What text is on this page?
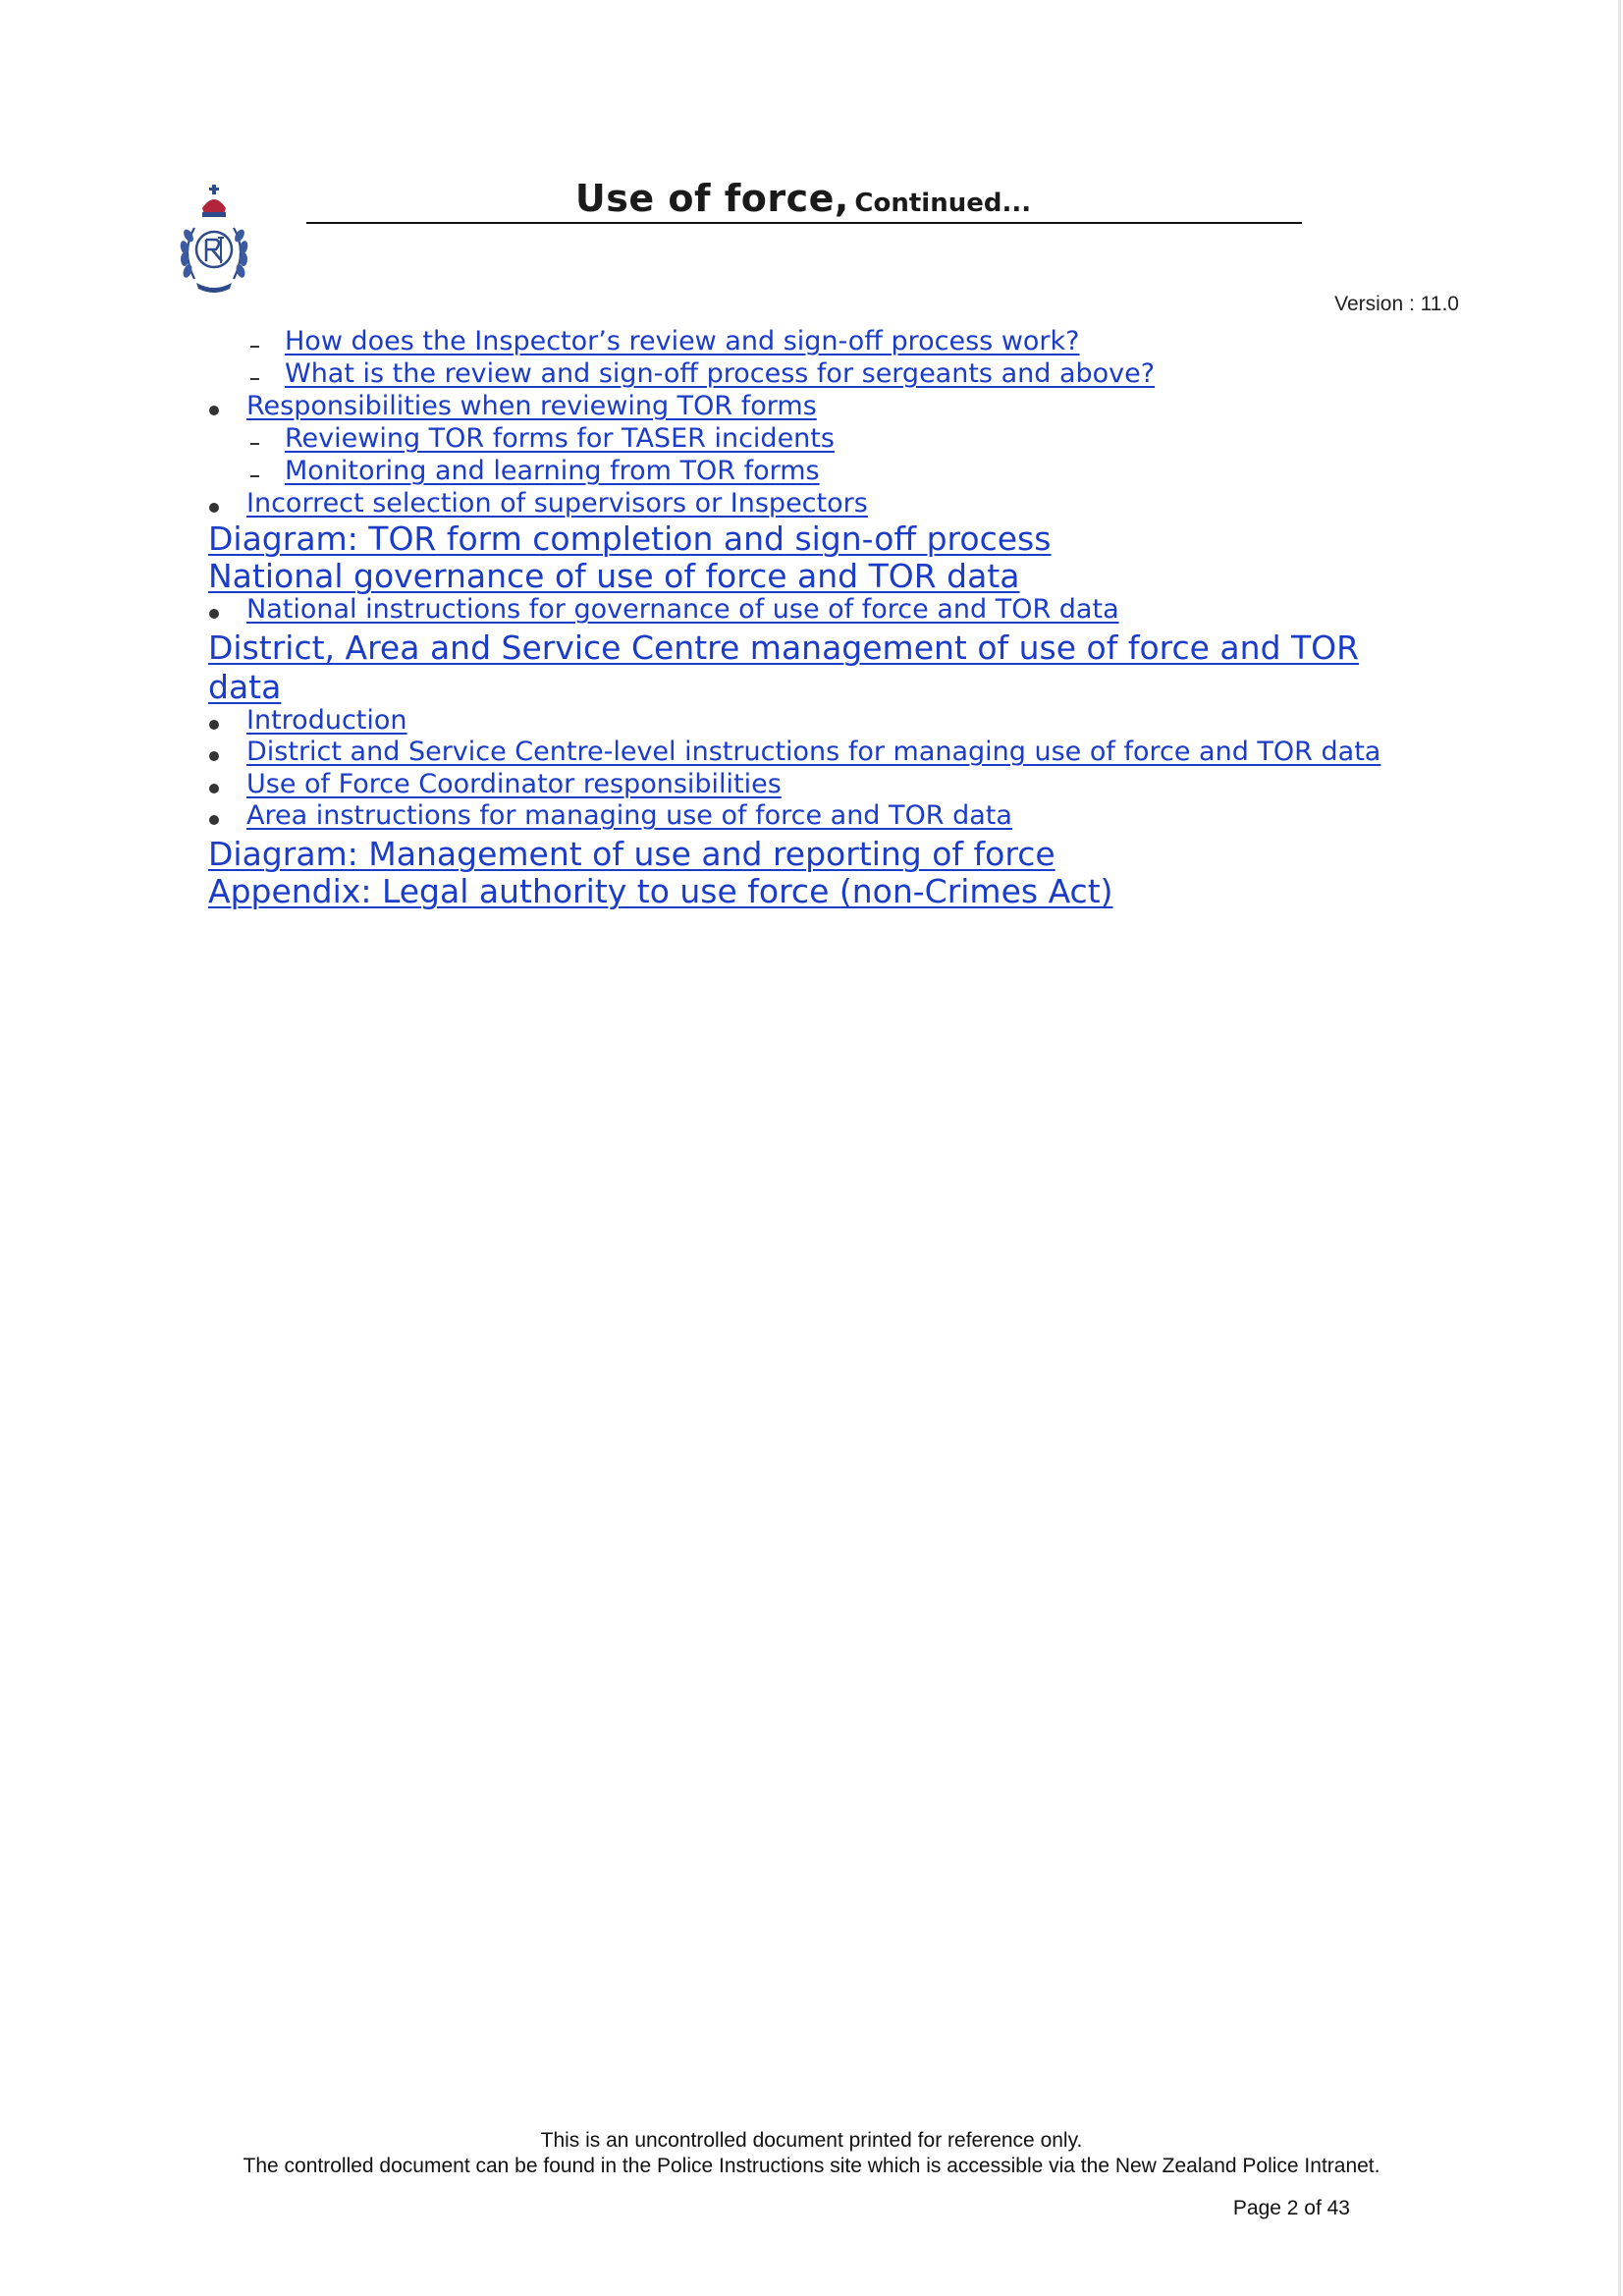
Use of force, Continued...
Version : 11.0
How does the Inspector’s review and sign-off process work?
What is the review and sign-off process for sergeants and above?
Responsibilities when reviewing TOR forms
Reviewing TOR forms for TASER incidents
Monitoring and learning from TOR forms
Incorrect selection of supervisors or Inspectors
Diagram: TOR form completion and sign-off process
National governance of use of force and TOR data
National instructions for governance of use of force and TOR data
District, Area and Service Centre management of use of force and TOR
data
Introduction
District and Service Centre-level instructions for managing use of force and TOR data
Use of Force Coordinator responsibilities
Area instructions for managing use of force and TOR data
Diagram: Management of use and reporting of force
Appendix: Legal authority to use force (non-Crimes Act)
This is an uncontrolled document printed for reference only.
The controlled document can be found in the Police Instructions site which is accessible via the New Zealand Police Intranet.
Page 2 of 43
